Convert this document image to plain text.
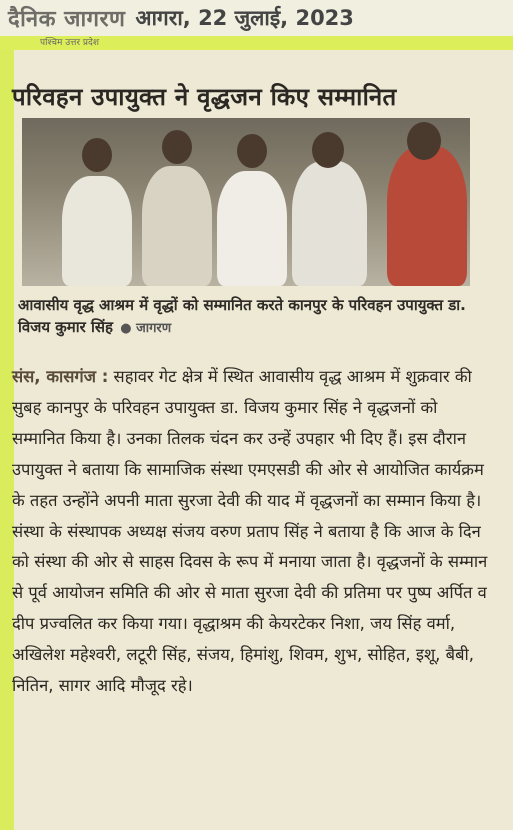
दैनिक जागरण आगरा, 22 जुलाई, 2023
पश्चिम उत्तर प्रदेश
परिवहन उपायुक्त ने वृद्धजन किए सम्मानित
आवासीय वृद्ध आश्रम में वृद्धों को सम्मानित करते कानपुर के परिवहन उपायुक्त डा. विजय कुमार सिंह ● जागरण
संस, कासगंज : सहावर गेट क्षेत्र में स्थित आवासीय वृद्ध आश्रम में शुक्रवार की सुबह कानपुर के परिवहन उपायुक्त डा. विजय कुमार सिंह ने वृद्धजनों को सम्मानित किया है। उनका तिलक चंदन कर उन्हें उपहार भी दिए हैं। इस दौरान उपायुक्त ने बताया कि सामाजिक संस्था एमएसडी की ओर से आयोजित कार्यक्रम के तहत उन्होंने अपनी माता सुरजा देवी की याद में वृद्धजनों का सम्मान किया है। संस्था के संस्थापक अध्यक्ष संजय वरुण प्रताप सिंह ने बताया है कि आज के दिन को संस्था की ओर से साहस दिवस के रूप में मनाया जाता है। वृद्धजनों के सम्मान से पूर्व आयोजन समिति की ओर से माता सुरजा देवी की प्रतिमा पर पुष्प अर्पित व दीप प्रज्वलित कर किया गया। वृद्धाश्रम की केयरटेकर निशा, जय सिंह वर्मा, अखिलेश महेश्वरी, लटूरी सिंह, संजय, हिमांशु, शिवम, शुभ, सोहित, इशू, बैबी, नितिन, सागर आदि मौजूद रहे।
